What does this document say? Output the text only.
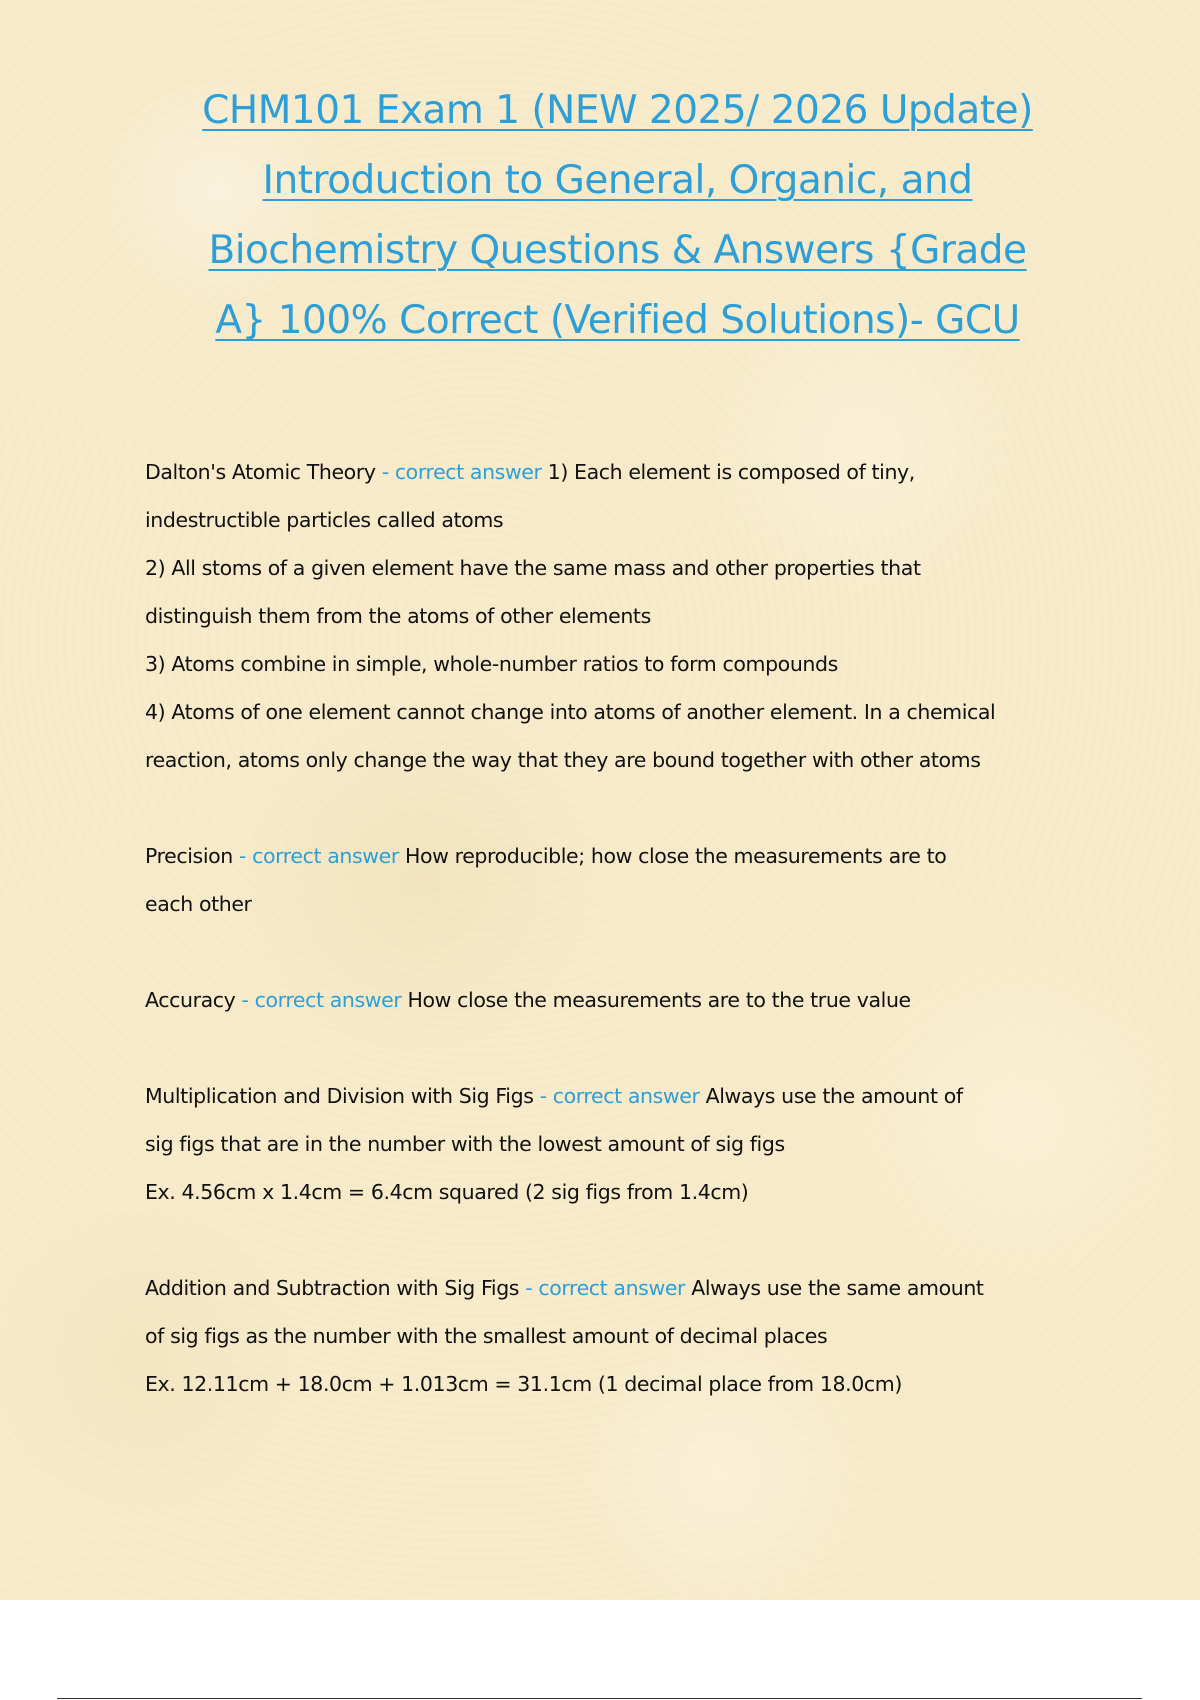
CHM101 Exam 1 (NEW 2025/ 2026 Update)
Introduction to General, Organic, and
Biochemistry Questions & Answers {Grade
A} 100% Correct (Verified Solutions)- GCU
Dalton's Atomic Theory - correct answer 1) Each element is composed of tiny,
indestructible particles called atoms
2) All stoms of a given element have the same mass and other properties that
distinguish them from the atoms of other elements
3) Atoms combine in simple, whole-number ratios to form compounds
4) Atoms of one element cannot change into atoms of another element. In a chemical
reaction, atoms only change the way that they are bound together with other atoms
Precision - correct answer How reproducible; how close the measurements are to
each other
Accuracy - correct answer How close the measurements are to the true value
Multiplication and Division with Sig Figs - correct answer Always use the amount of
sig figs that are in the number with the lowest amount of sig figs
Ex. 4.56cm x 1.4cm = 6.4cm squared (2 sig figs from 1.4cm)
Addition and Subtraction with Sig Figs - correct answer Always use the same amount
of sig figs as the number with the smallest amount of decimal places
Ex. 12.11cm + 18.0cm + 1.013cm = 31.1cm (1 decimal place from 18.0cm)
